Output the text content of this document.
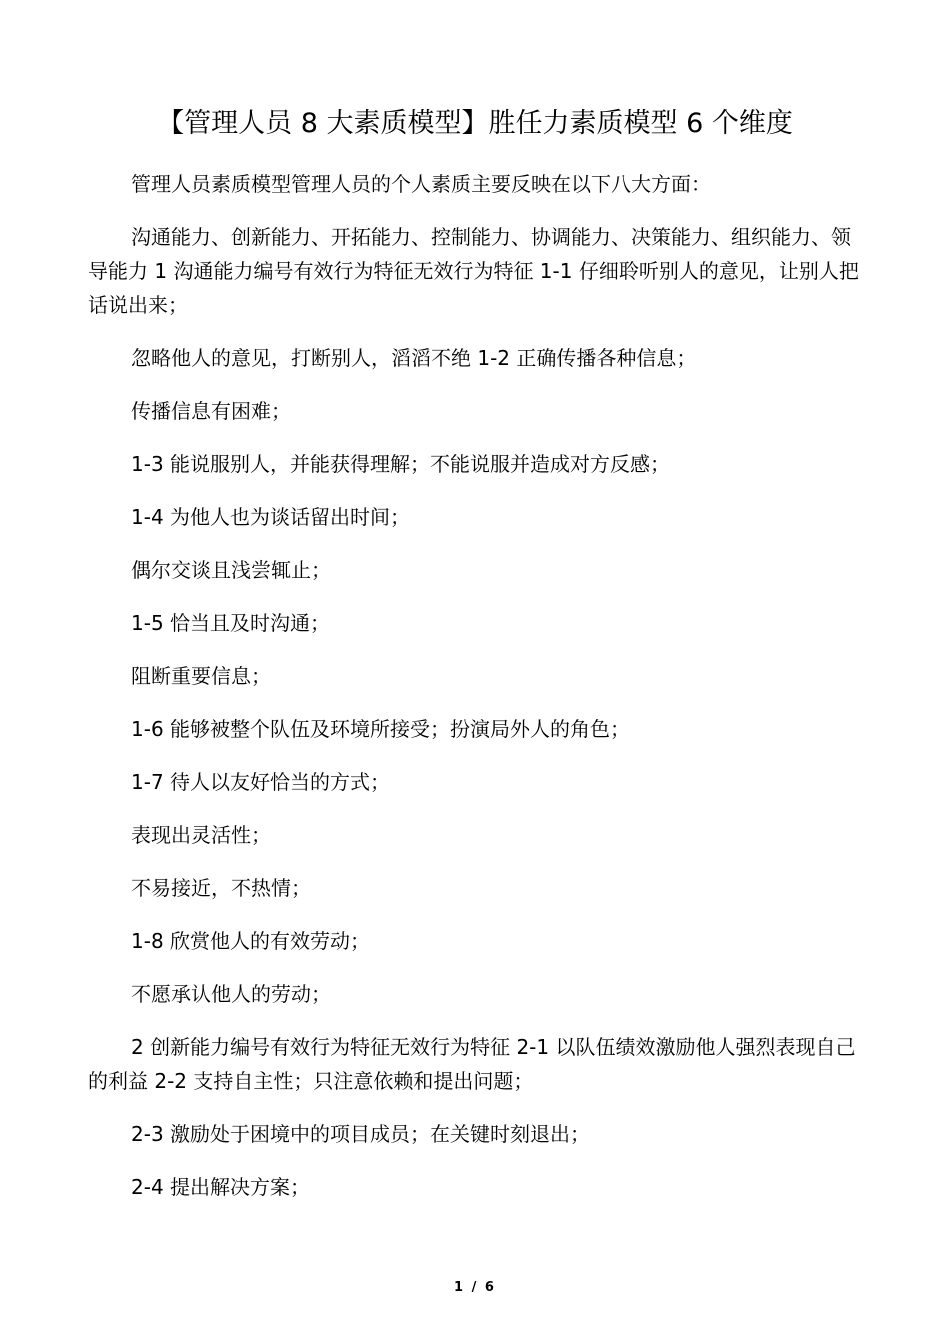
【管理人员 8 大素质模型】胜任力素质模型 6 个维度

管理人员素质模型管理人员的个人素质主要反映在以下八大方面：

沟通能力、创新能力、开拓能力、控制能力、协调能力、决策能力、组织能力、领导能力 1 沟通能力编号有效行为特征无效行为特征 1-1 仔细聆听别人的意见，让别人把话说出来；

忽略他人的意见，打断别人，滔滔不绝 1-2 正确传播各种信息；

传播信息有困难；

1-3 能说服别人，并能获得理解；不能说服并造成对方反感；

1-4 为他人也为谈话留出时间；

偶尔交谈且浅尝辄止；

1-5 恰当且及时沟通；

阻断重要信息；

1-6 能够被整个队伍及环境所接受；扮演局外人的角色；

1-7 待人以友好恰当的方式；

表现出灵活性；

不易接近，不热情；

1-8 欣赏他人的有效劳动；

不愿承认他人的劳动；

2 创新能力编号有效行为特征无效行为特征 2-1 以队伍绩效激励他人强烈表现自己的利益 2-2 支持自主性；只注意依赖和提出问题；

2-3 激励处于困境中的项目成员；在关键时刻退出；

2-4 提出解决方案；

1 / 6
